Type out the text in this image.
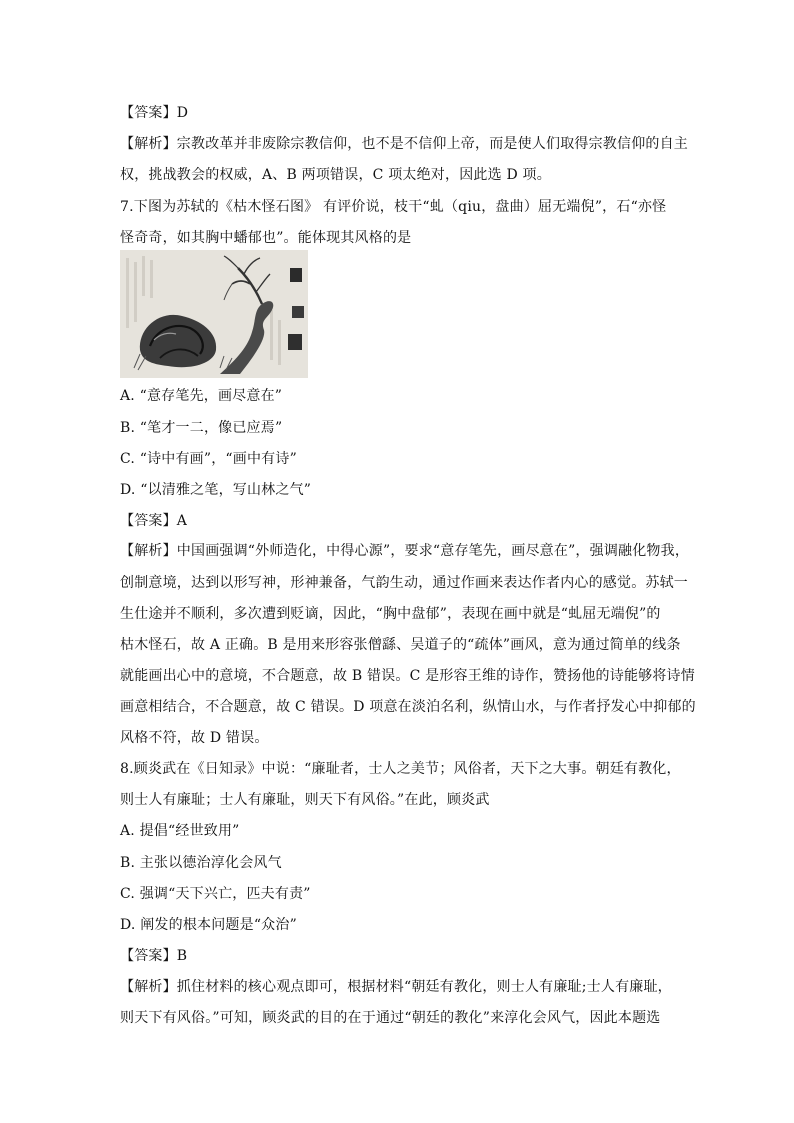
【答案】D
【解析】宗教改革并非废除宗教信仰，也不是不信仰上帝，而是使人们取得宗教信仰的自主
权，挑战教会的权威，A、B 两项错误，C 项太绝对，因此选 D 项。
7.下图为苏轼的《枯木怪石图》 有评价说，枝干“虬（qiu，盘曲）屈无端倪”，石“亦怪
怪奇奇，如其胸中蟠郁也”。能体现其风格的是
A. “意存笔先，画尽意在”
B. “笔才一二，像已应焉”
C. “诗中有画”，“画中有诗”
D. “以清雅之笔，写山林之气”
【答案】A
【解析】中国画强调“外师造化，中得心源”，要求“意存笔先，画尽意在”，强调融化物我，
创制意境，达到以形写神，形神兼备，气韵生动，通过作画来表达作者内心的感觉。苏轼一
生仕途并不顺利，多次遭到贬谪，因此，“胸中盘郁”，表现在画中就是“虬屈无端倪”的
枯木怪石，故 A 正确。B 是用来形容张僧繇、吴道子的“疏体”画风，意为通过简单的线条
就能画出心中的意境，不合题意，故 B 错误。C 是形容王维的诗作，赞扬他的诗能够将诗情
画意相结合，不合题意，故 C 错误。D 项意在淡泊名利，纵情山水，与作者抒发心中抑郁的
风格不符，故 D 错误。
8.顾炎武在《日知录》中说：“廉耻者，士人之美节；风俗者，天下之大事。朝廷有教化，
则士人有廉耻；士人有廉耻，则天下有风俗。”在此，顾炎武
A. 提倡“经世致用”
B. 主张以德治淳化会风气
C. 强调“天下兴亡，匹夫有责”
D. 阐发的根本问题是“众治”
【答案】B
【解析】抓住材料的核心观点即可，根据材料“朝廷有教化，则士人有廉耻;士人有廉耻，
则天下有风俗。”可知，顾炎武的目的在于通过“朝廷的教化”来淳化会风气，因此本题选
